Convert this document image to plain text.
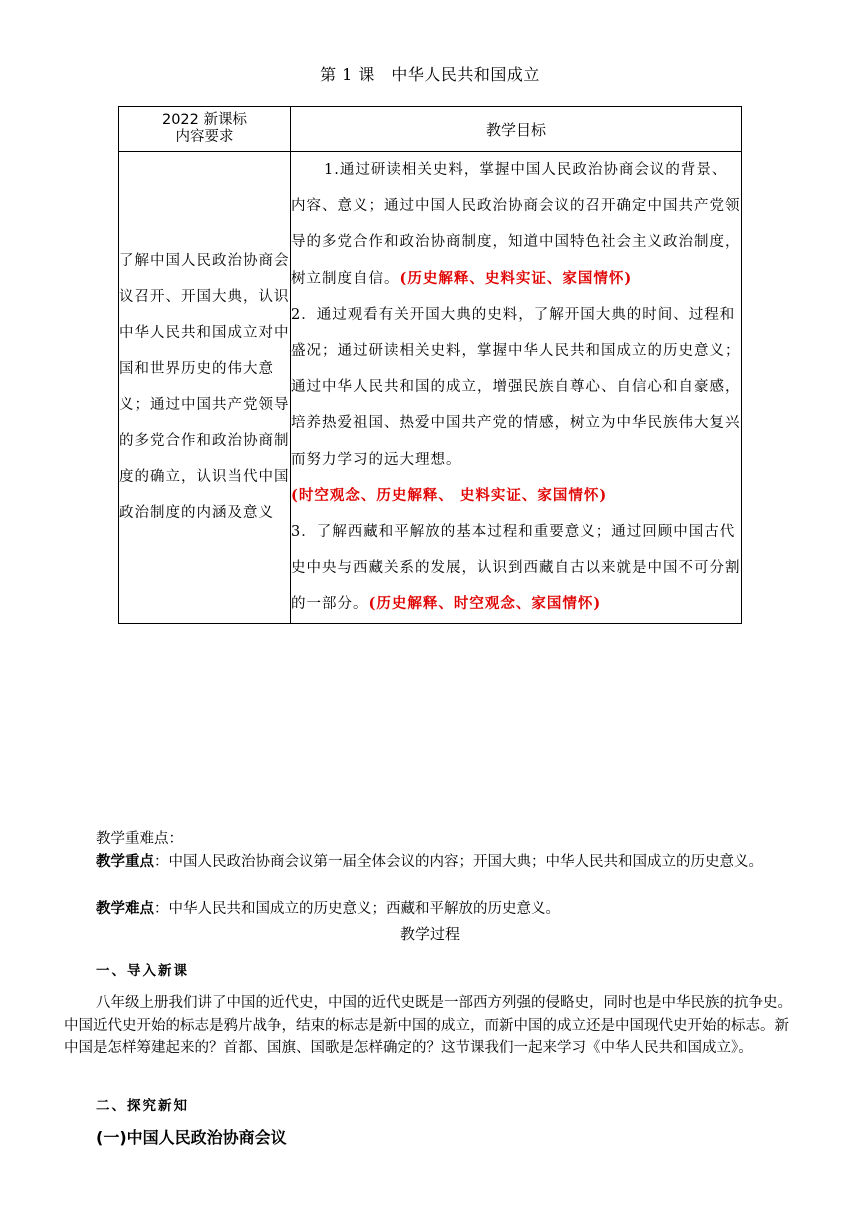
第 1 课　中华人民共和国成立
2022 新课标
内容要求	教学目标
了解中国人民政治协商会议召开、开国大典，认识中华人民共和国成立对中国和世界历史的伟大意义；通过中国共产党领导的多党合作和政治协商制度的确立，认识当代中国政治制度的内涵及意义	1.通过研读相关史料，掌握中国人民政治协商会议的背景、内容、意义；通过中国人民政治协商会议的召开确定中国共产党领导的多党合作和政治协商制度，知道中国特色社会主义政治制度，树立制度自信。(历史解释、史料实证、家国情怀)

2．通过观看有关开国大典的史料，了解开国大典的时间、过程和盛况；通过研读相关史料，掌握中华人民共和国成立的历史意义；通过中华人民共和国的成立，增强民族自尊心、自信心和自豪感，培养热爱祖国、热爱中国共产党的情感，树立为中华民族伟大复兴而努力学习的远大理想。
(时空观念、历史解释、 史料实证、家国情怀)

3．了解西藏和平解放的基本过程和重要意义；通过回顾中国古代史中央与西藏关系的发展，认识到西藏自古以来就是中国不可分割的一部分。(历史解释、时空观念、家国情怀)

教学重难点：
教学重点：中国人民政治协商会议第一届全体会议的内容；开国大典；中华人民共和国成立的历史意义。
教学难点：中华人民共和国成立的历史意义；西藏和平解放的历史意义。
教学过程
一、导入新课
八年级上册我们讲了中国的近代史，中国的近代史既是一部西方列强的侵略史，同时也是中华民族的抗争史。中国近代史开始的标志是鸦片战争，结束的标志是新中国的成立，而新中国的成立还是中国现代史开始的标志。新中国是怎样筹建起来的？首都、国旗、国歌是怎样确定的？这节课我们一起来学习《中华人民共和国成立》。
二、探究新知
(一)中国人民政治协商会议
